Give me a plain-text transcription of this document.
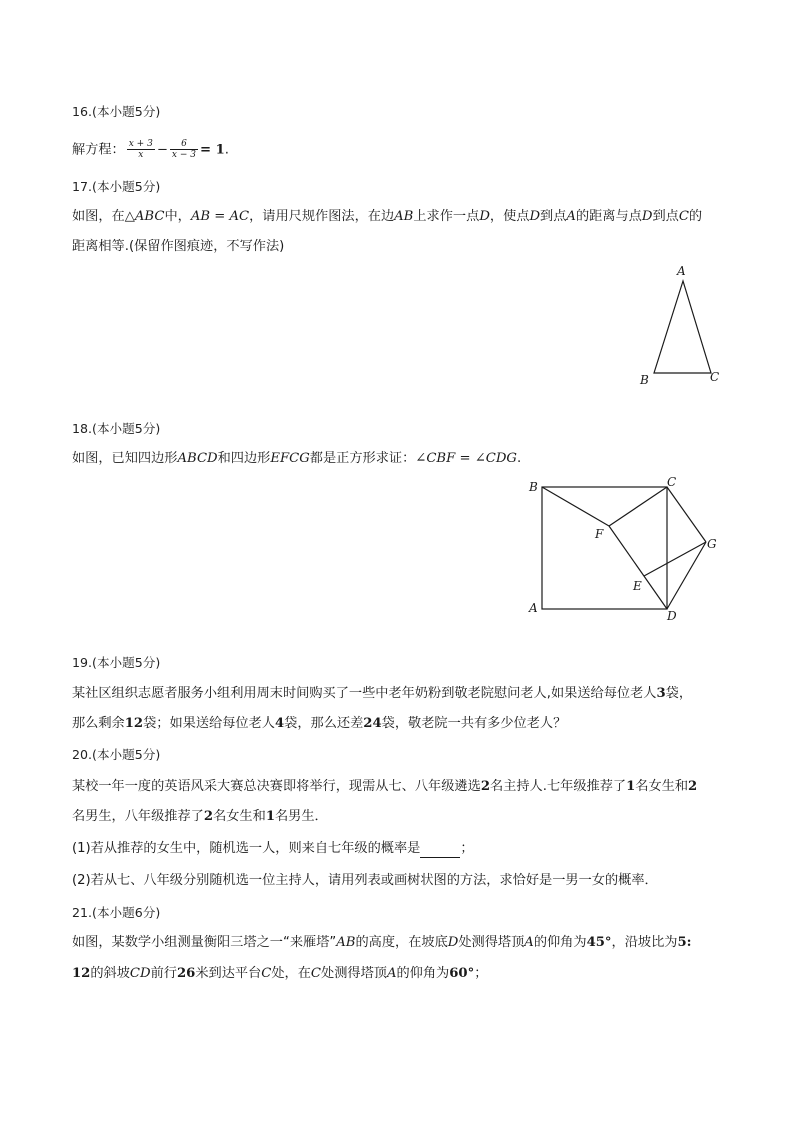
16.(本小题5分)
解方程： $\frac{x + 3}{x} - \frac{6}{x - 3} = 1$.
17.(本小题5分)
如图，在△ABC中，AB = AC，请用尺规作图法，在边AB上求作一点D，使点D到点A的距离与点D到点C的
距离相等.(保留作图痕迹，不写作法)
A
B	C
18.(本小题5分)
如图，已知四边形ABCD和四边形EFCG都是正方形求证：∠CBF = ∠CDG.
B	C
F
G
E
A
D
19.(本小题5分)
某社区组织志愿者服务小组利用周末时间购买了一些中老年奶粉到敬老院慰问老人,如果送给每位老人3袋，
那么剩余12袋；如果送给每位老人4袋，那么还差24袋，敬老院一共有多少位老人？
20.(本小题5分)
某校一年一度的英语风采大赛总决赛即将举行，现需从七、八年级遴选2名主持人.七年级推荐了1名女生和2
名男生，八年级推荐了2名女生和1名男生．
(1)若从推荐的女生中，随机选一人，则来自七年级的概率是	；
(2)若从七、八年级分别随机选一位主持人，请用列表或画树状图的方法，求恰好是一男一女的概率．
21.(本小题6分)
如图，某数学小组测量衡阳三塔之一“来雁塔”AB的高度，在坡底D处测得塔顶A的仰角为45°，沿坡比为5:
12的斜坡CD前行26米到达平台C处，在C处测得塔顶A的仰角为60°；
